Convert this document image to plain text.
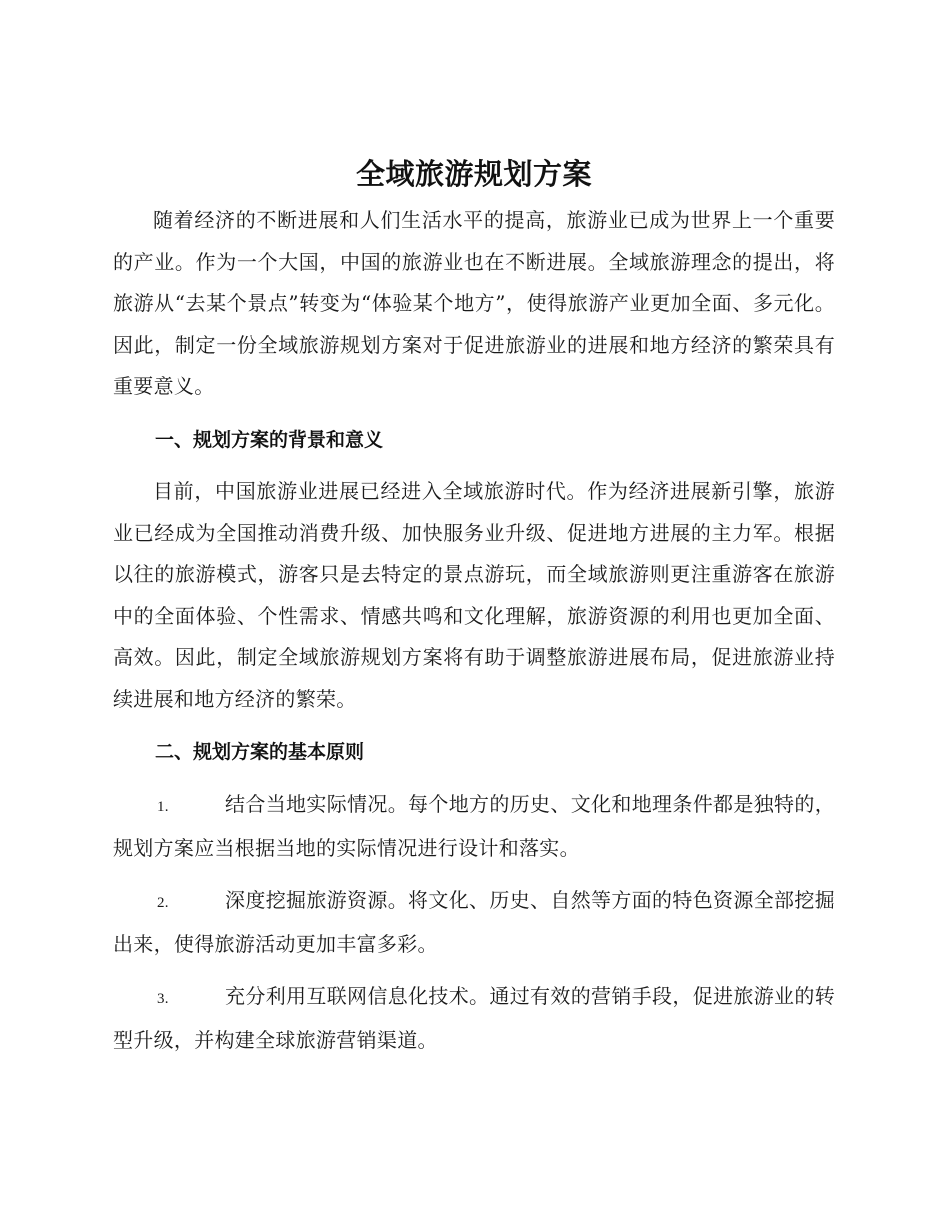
全域旅游规划方案

随着经济的不断进展和人们生活水平的提高，旅游业已成为世界上一个重要的产业。作为一个大国，中国的旅游业也在不断进展。全域旅游理念的提出，将旅游从“去某个景点”转变为“体验某个地方”，使得旅游产业更加全面、多元化。因此，制定一份全域旅游规划方案对于促进旅游业的进展和地方经济的繁荣具有重要意义。

一、规划方案的背景和意义

目前，中国旅游业进展已经进入全域旅游时代。作为经济进展新引擎，旅游业已经成为全国推动消费升级、加快服务业升级、促进地方进展的主力军。根据以往的旅游模式，游客只是去特定的景点游玩，而全域旅游则更注重游客在旅游中的全面体验、个性需求、情感共鸣和文化理解，旅游资源的利用也更加全面、高效。因此，制定全域旅游规划方案将有助于调整旅游进展布局，促进旅游业持续进展和地方经济的繁荣。

二、规划方案的基本原则

1.	结合当地实际情况。每个地方的历史、文化和地理条件都是独特的，规划方案应当根据当地的实际情况进行设计和落实。

2.	深度挖掘旅游资源。将文化、历史、自然等方面的特色资源全部挖掘出来，使得旅游活动更加丰富多彩。

3.	充分利用互联网信息化技术。通过有效的营销手段，促进旅游业的转型升级，并构建全球旅游营销渠道。
